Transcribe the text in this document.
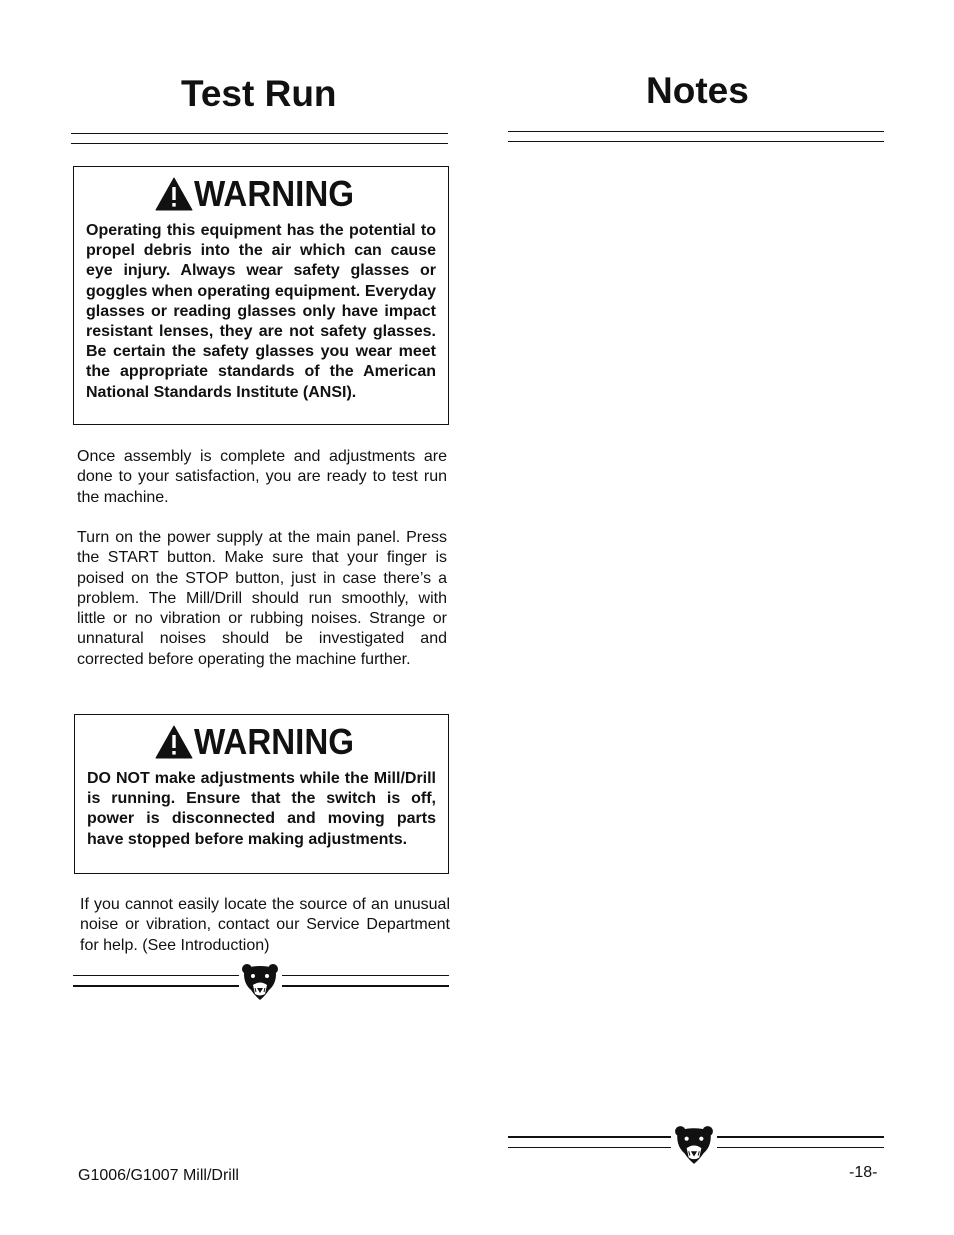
Test Run
WARNING

Operating this equipment has the potential to propel debris into the air which can cause eye injury. Always wear safety glasses or goggles when operating equipment. Everyday glasses or reading glasses only have impact resistant lenses, they are not safety glasses. Be certain the safety glasses you wear meet the appropriate standards of the American National Standards Institute (ANSI).

Once assembly is complete and adjustments are done to your satisfaction, you are ready to test run the machine.

Turn on the power supply at the main panel. Press the START button. Make sure that your finger is poised on the STOP button, just in case there’s a problem. The Mill/Drill should run smoothly, with little or no vibration or rubbing noises. Strange or unnatural noises should be investigated and corrected before operating the machine further.

WARNING

DO NOT make adjustments while the Mill/Drill is running. Ensure that the switch is off, power is disconnected and moving parts have stopped before making adjustments.

If you cannot easily locate the source of an unusual noise or vibration, contact our Service Department for help. (See Introduction)

Notes
G1006/G1007 Mill/Drill	-18-
